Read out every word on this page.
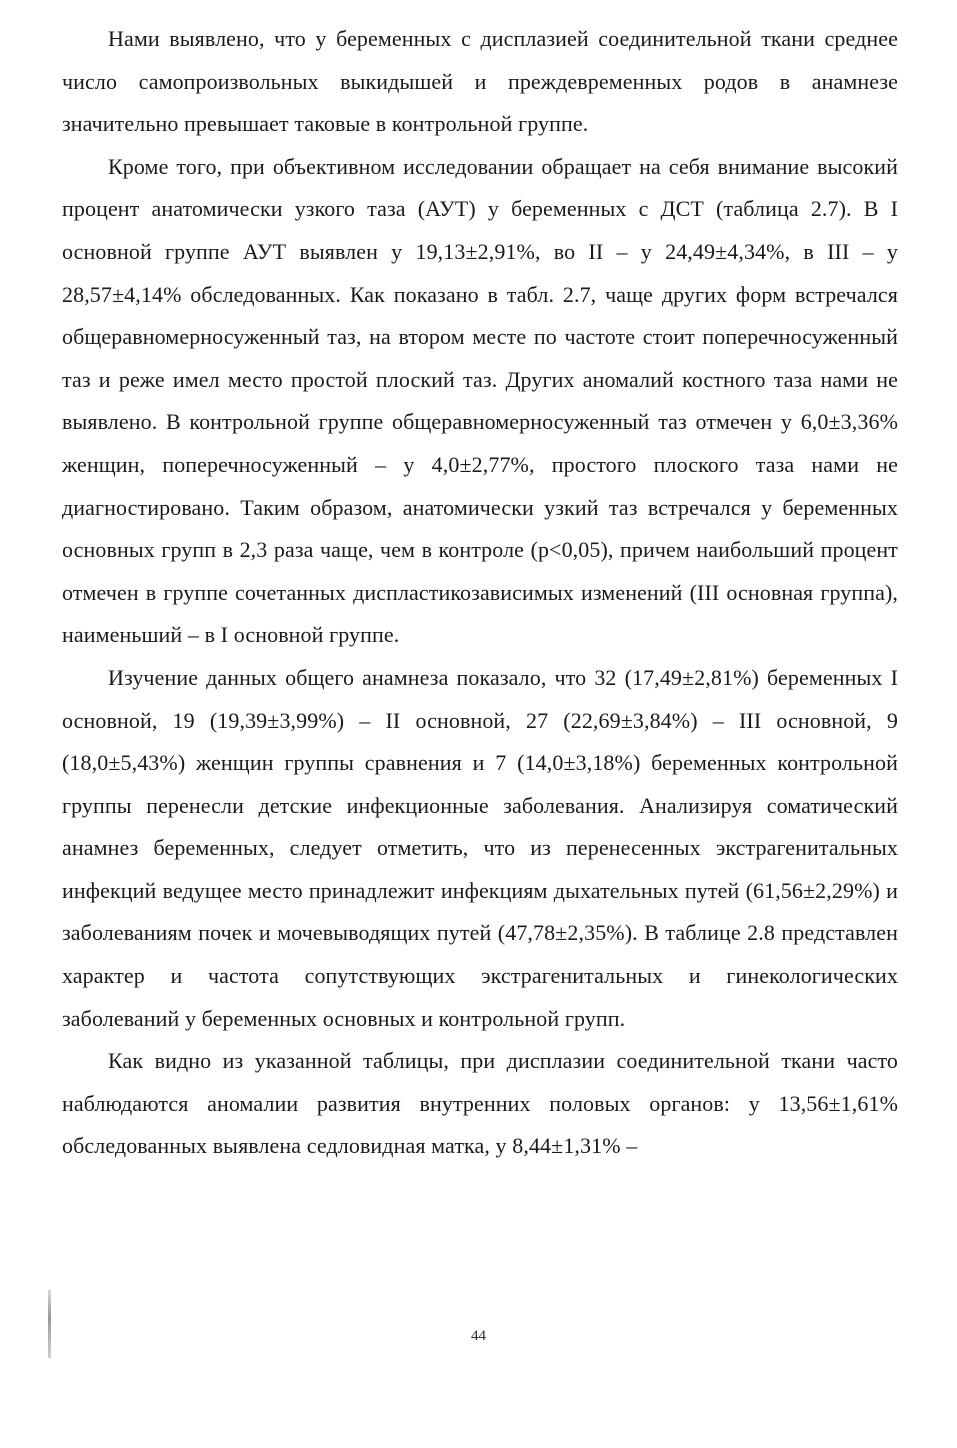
Нами выявлено, что у беременных с дисплазией соединительной ткани среднее число самопроизвольных выкидышей и преждевременных родов в анамнезе значительно превышает таковые в контрольной группе.

Кроме того, при объективном исследовании обращает на себя внимание высокий процент анатомически узкого таза (АУТ) у беременных с ДСТ (таблица 2.7). В I основной группе АУТ выявлен у 19,13±2,91%, во II – у 24,49±4,34%, в III – у 28,57±4,14% обследованных. Как показано в табл. 2.7, чаще других форм встречался общеравномерносуженный таз, на втором месте по частоте стоит поперечносуженный таз и реже имел место простой плоский таз. Других аномалий костного таза нами не выявлено. В контрольной группе общеравномерносуженный таз отмечен у 6,0±3,36% женщин, поперечносуженный – у 4,0±2,77%, простого плоского таза нами не диагностировано. Таким образом, анатомически узкий таз встречался у беременных основных групп в 2,3 раза чаще, чем в контроле (p<0,05), причем наибольший процент отмечен в группе сочетанных диспластикозависимых изменений (III основная группа), наименьший – в I основной группе.

Изучение данных общего анамнеза показало, что 32 (17,49±2,81%) беременных I основной, 19 (19,39±3,99%) – II основной, 27 (22,69±3,84%) – III основной, 9 (18,0±5,43%) женщин группы сравнения и 7 (14,0±3,18%) беременных контрольной группы перенесли детские инфекционные заболевания. Анализируя соматический анамнез беременных, следует отметить, что из перенесенных экстрагенитальных инфекций ведущее место принадлежит инфекциям дыхательных путей (61,56±2,29%) и заболеваниям почек и мочевыводящих путей (47,78±2,35%). В таблице 2.8 представлен характер и частота сопутствующих экстрагенитальных и гинекологических заболеваний у беременных основных и контрольной групп.

Как видно из указанной таблицы, при дисплазии соединительной ткани часто наблюдаются аномалии развития внутренних половых органов: у 13,56±1,61% обследованных выявлена седловидная матка, у 8,44±1,31% –

44
